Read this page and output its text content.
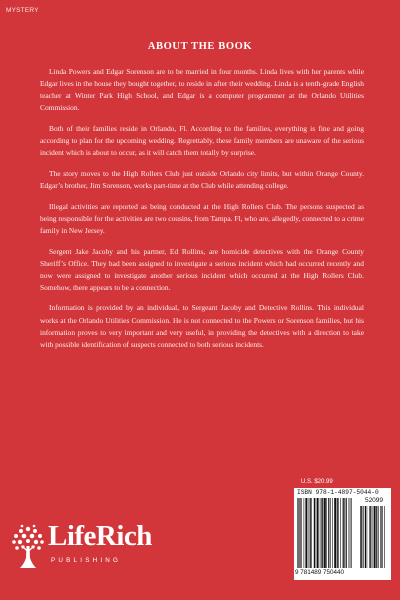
MYSTERY
ABOUT THE BOOK

Linda Powers and Edgar Sorenson are to be married in four months. Linda lives with her parents while Edgar lives in the house they bought together, to reside in after their wedding. Linda is a tenth-grade English teacher at Winter Park High School, and Edgar is a computer programmer at the Orlando Utilities Commission.

Both of their families reside in Orlando, Fl. According to the families, everything is fine and going according to plan for the upcoming wedding. Regrettably, these family members are unaware of the serious incident which is about to occur, as it will catch them totally by surprise.

The story moves to the High Rollers Club just outside Orlando city limits, but within Orange County. Edgar’s brother, Jim Sorenson, works part-time at the Club while attending college.

Illegal activities are reported as being conducted at the High Rollers Club. The persons suspected as being responsible for the activities are two cousins, from Tampa. Fl, who are, allegedly, connected to a crime family in New Jersey.

Sergent Jake Jacoby and his partner, Ed Rollins, are homicide detectives with the Orange County Sheriff’s Office. They had been assigned to investigate a serious incident which had occurred recently and now were assigned to investigate another serious incident which occurred at the High Rollers Club. Somehow, there appears to be a connection.

Information is provided by an individual, to Sergeant Jacoby and Detective Rollins. This individual works at the Orlando Utilities Commission. He is not connected to the Powers or Sorenson families, but his information proves to very important and very useful, in providing the detectives with a direction to take with possible identification of suspects connected to both serious incidents.

U.S. $20.99
ISBN 978-1-4897-5044-0
52099
9 781489 750440
LifeRich
PUBLISHING
